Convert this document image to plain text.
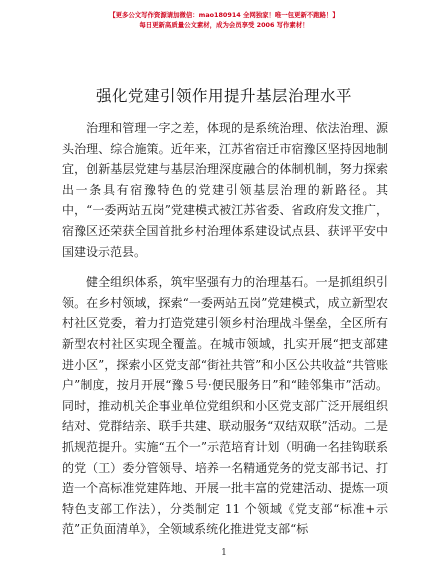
【更多公文写作资源请加微信：mao180914 全网独家！唯一包更新不跑路！】
每日更新高质量公文素材，成为会员享受 2006 写作素材！
强化党建引领作用提升基层治理水平

治理和管理一字之差，体现的是系统治理、依法治理、源头治理、综合施策。近年来，江苏省宿迁市宿豫区坚持因地制宜，创新基层党建与基层治理深度融合的体制机制，努力探索出一条具有宿豫特色的党建引领基层治理的新路径。其中，“一委两站五岗”党建模式被江苏省委、省政府发文推广，宿豫区还荣获全国首批乡村治理体系建设试点县、获评平安中国建设示范县。

健全组织体系，筑牢坚强有力的治理基石。一是抓组织引领。在乡村领域，探索“一委两站五岗”党建模式，成立新型农村社区党委，着力打造党建引领乡村治理战斗堡垒，全区所有新型农村社区实现全覆盖。在城市领域，扎实开展“把支部建进小区”，探索小区党支部“街社共管”和小区公共收益“共管账户”制度，按月开展“豫５号·便民服务日”和“睦邻集市”活动。同时，推动机关企事业单位党组织和小区党支部广泛开展组织结对、党群结亲、联手共建、联动服务“双结双联”活动。二是抓规范提升。实施“五个一”示范培育计划（明确一名挂钩联系的党（工）委分管领导、培养一名精通党务的党支部书记、打造一个高标准党建阵地、开展一批丰富的党建活动、提炼一项特色支部工作法），分类制定 11 个领域《党支部“标准+示范”正负面清单》，全领域系统化推进党支部“标

1
